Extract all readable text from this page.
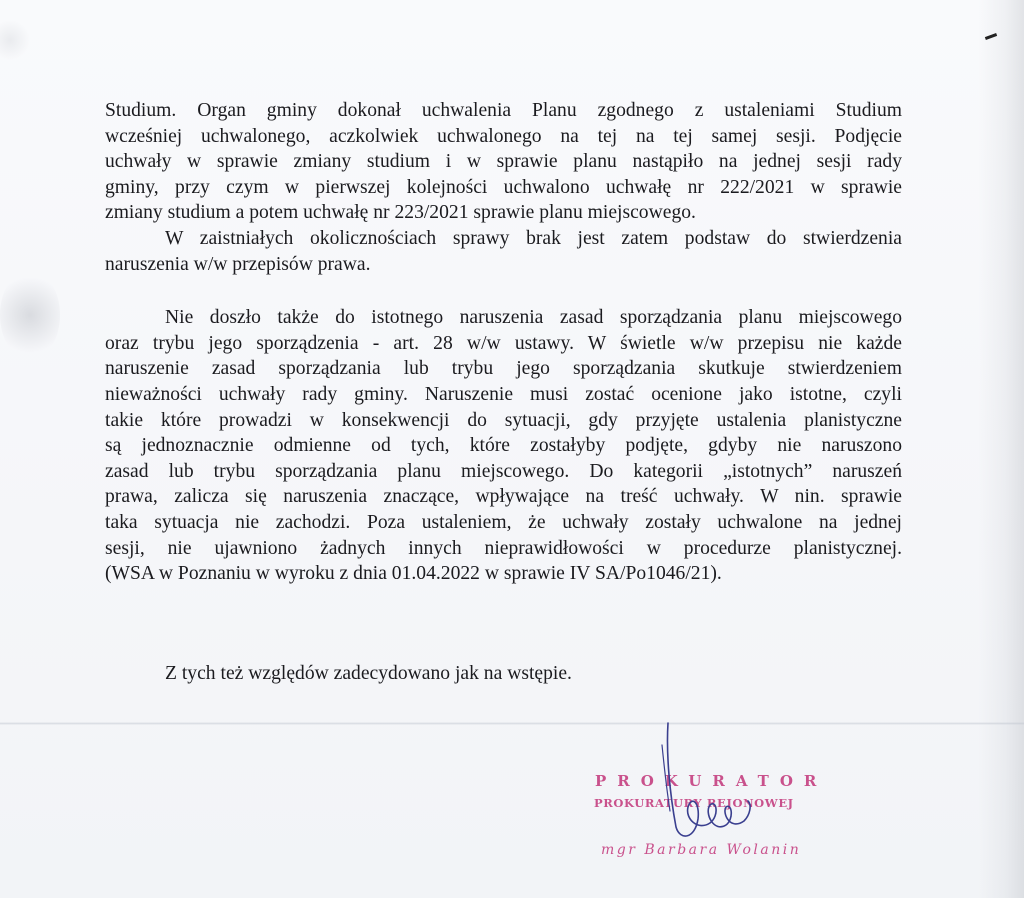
Studium. Organ gminy dokonał uchwalenia Planu zgodnego z ustaleniami Studium

wcześniej uchwalonego, aczkolwiek uchwalonego na tej na tej samej sesji. Podjęcie

uchwały w sprawie zmiany studium i w sprawie planu nastąpiło na jednej sesji rady

gminy, przy czym w pierwszej kolejności uchwalono uchwałę nr 222/2021 w sprawie

zmiany studium a potem uchwałę nr 223/2021 sprawie planu miejscowego.

W zaistniałych okolicznościach sprawy brak jest zatem podstaw do stwierdzenia

naruszenia w/w przepisów prawa.

Nie doszło także do istotnego naruszenia zasad sporządzania planu miejscowego

oraz trybu jego sporządzenia - art. 28 w/w ustawy. W świetle w/w przepisu nie każde

naruszenie zasad sporządzania lub trybu jego sporządzania skutkuje stwierdzeniem

nieważności uchwały rady gminy. Naruszenie musi zostać ocenione jako istotne, czyli

takie które prowadzi w konsekwencji do sytuacji, gdy przyjęte ustalenia planistyczne

są jednoznacznie odmienne od tych, które zostałyby podjęte, gdyby nie naruszono

zasad lub trybu sporządzania planu miejscowego. Do kategorii „istotnych” naruszeń

prawa, zalicza się naruszenia znaczące, wpływające na treść uchwały. W nin. sprawie

taka sytuacja nie zachodzi. Poza ustaleniem, że uchwały zostały uchwalone na jednej

sesji, nie ujawniono żadnych innych nieprawidłowości w procedurze planistycznej.

(WSA w Poznaniu w wyroku z dnia 01.04.2022 w sprawie IV SA/Po1046/21).

Z tych też względów zadecydowano jak na wstępie.
PROKURATOR
PROKURATURY REJONOWEJ
mgr Barbara Wolanin
